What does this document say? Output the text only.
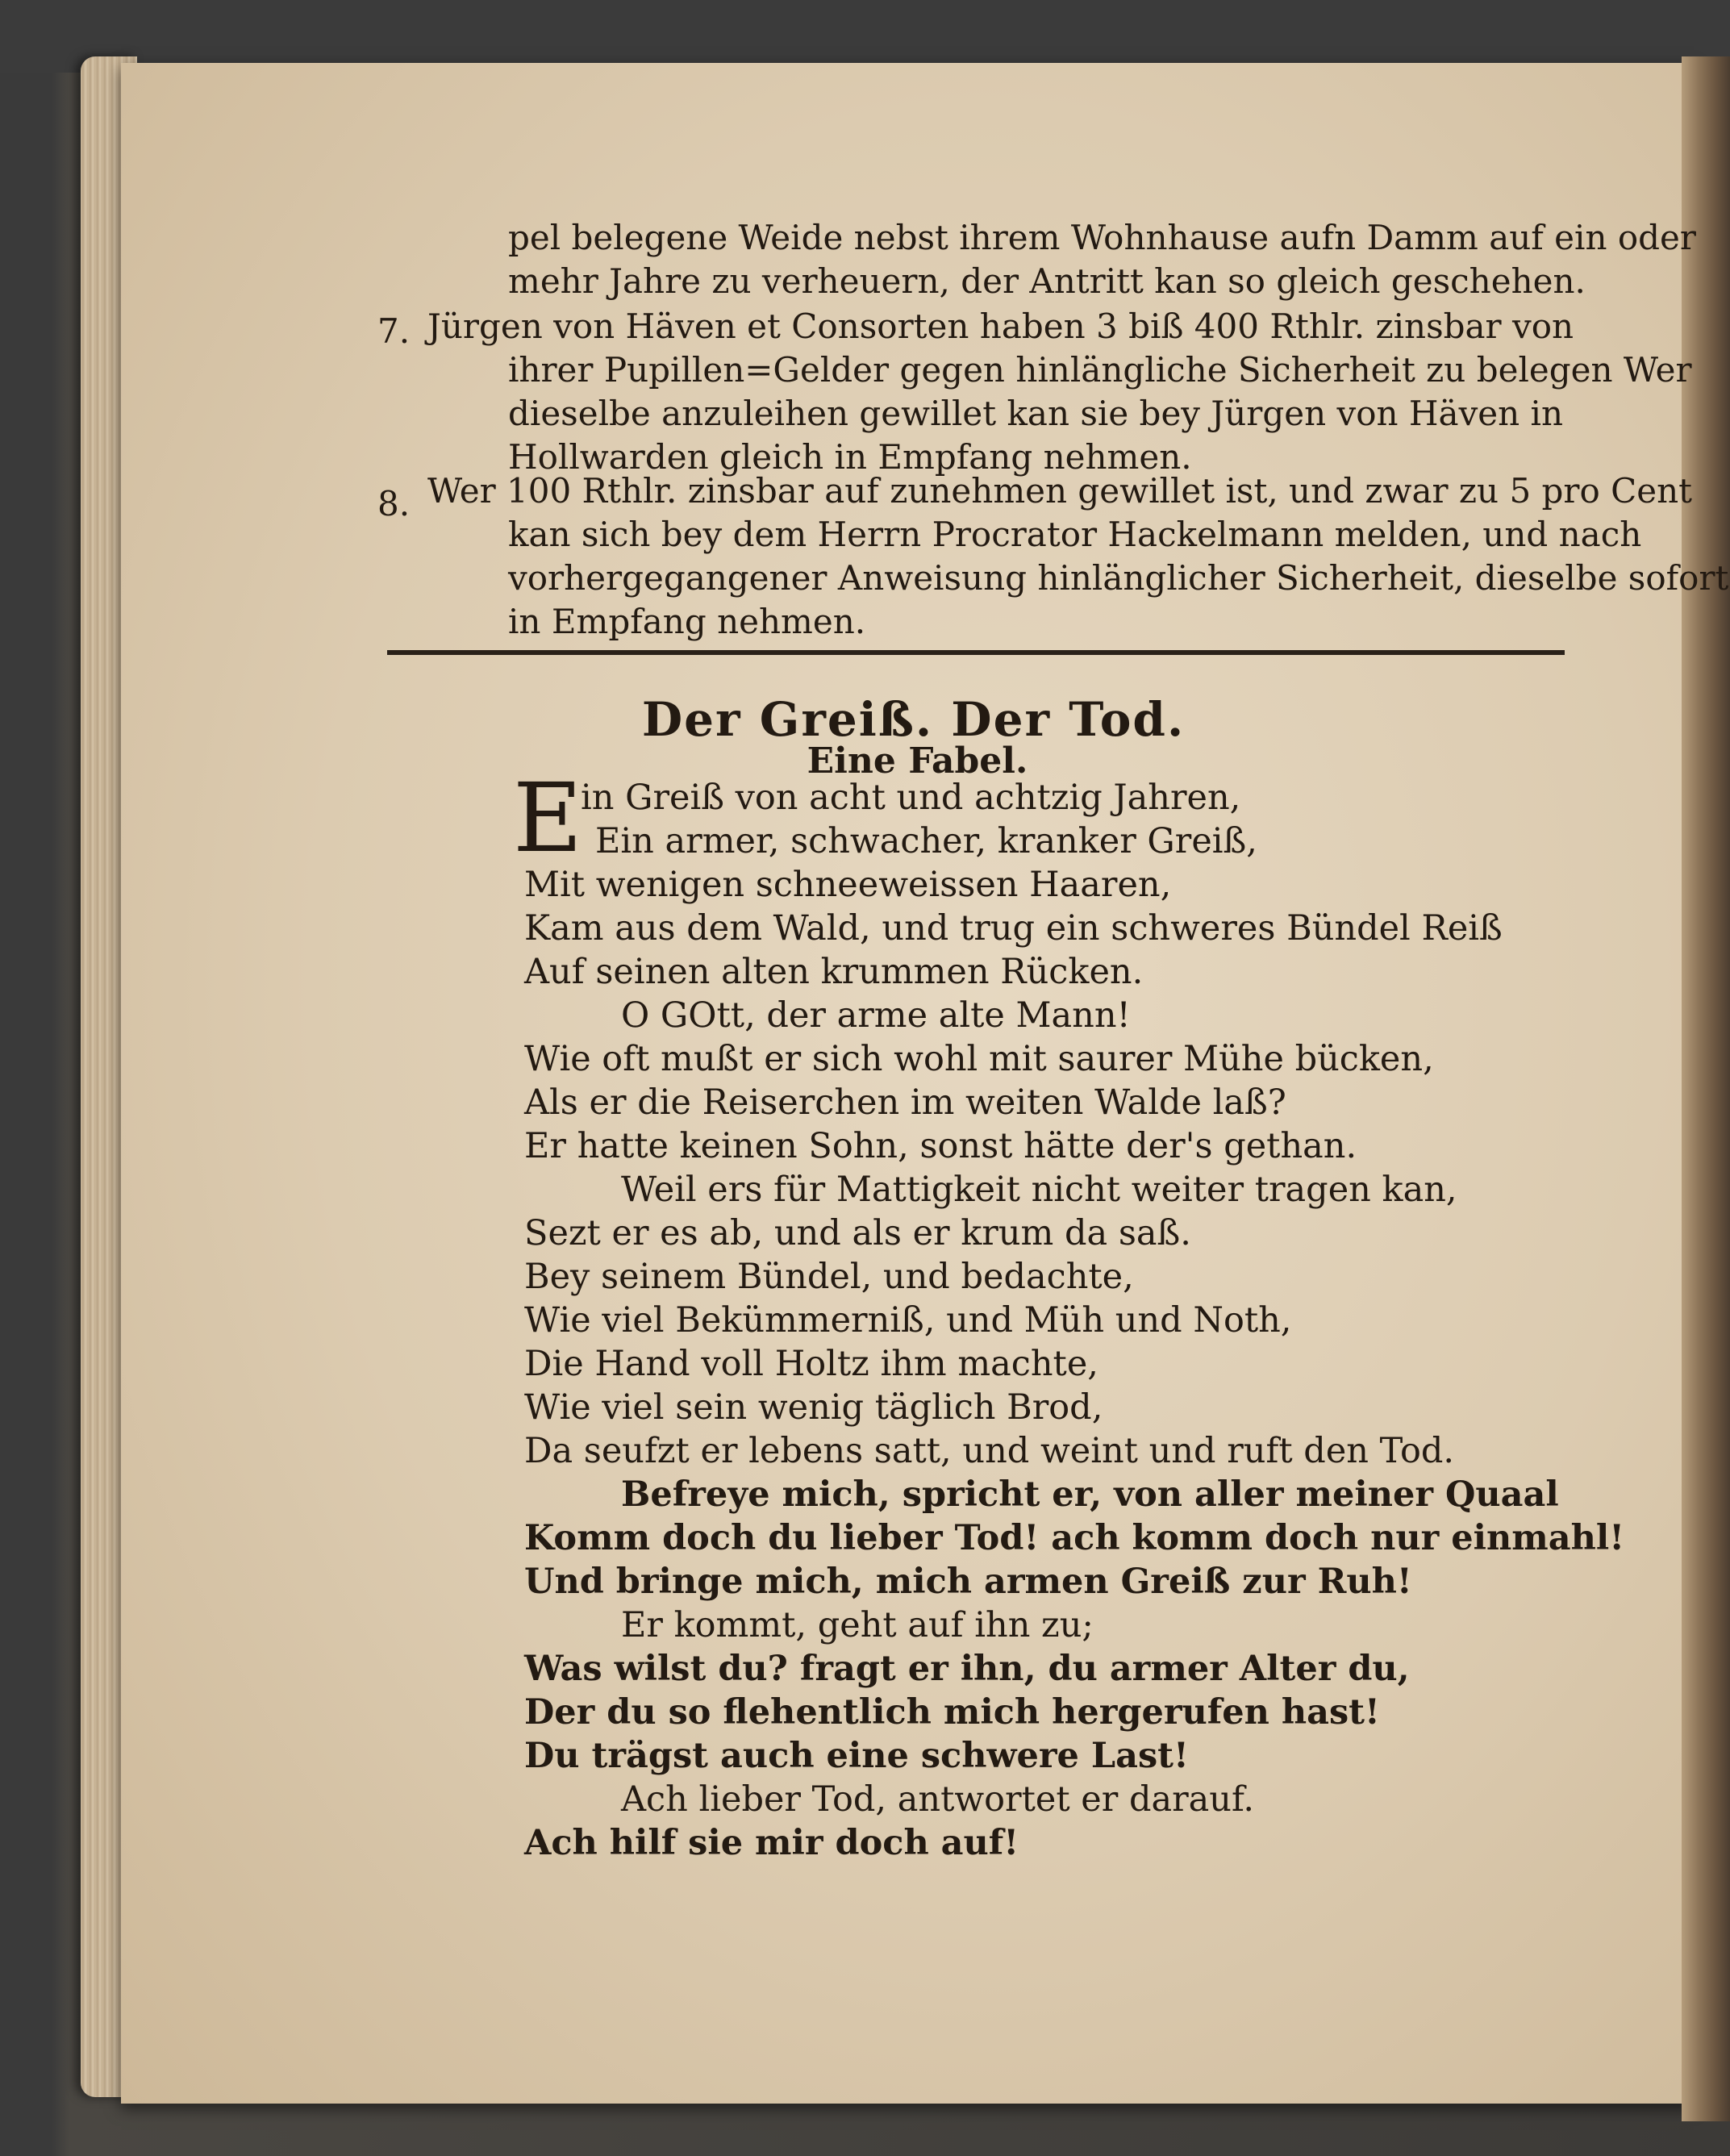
pel belegene Weide nebst ihrem Wohnhause aufn Damm auf ein oder
mehr Jahre zu verheuern, der Antritt kan so gleich geschehen.
7. Jürgen von Häven et Consorten haben 3 biß 400 Rthlr. zinsbar von
ihrer Pupillen=Gelder gegen hinlängliche Sicherheit zu belegen Wer
dieselbe anzuleihen gewillet kan sie bey Jürgen von Häven in
Hollwarden gleich in Empfang nehmen.
8. Wer 100 Rthlr. zinsbar auf zunehmen gewillet ist, und zwar zu 5 pro Cent
kan sich bey dem Herrn Procrator Hackelmann melden, und nach
vorhergegangener Anweisung hinlänglicher Sicherheit, dieselbe sofort
in Empfang nehmen.
Der Greiß. Der Tod.
Eine Fabel.
E
in Greiß von acht und achtzig Jahren,
Ein armer, schwacher, kranker Greiß,
Mit wenigen schneeweissen Haaren,
Kam aus dem Wald, und trug ein schweres Bündel Reiß
Auf seinen alten krummen Rücken.
O GOtt, der arme alte Mann!
Wie oft mußt er sich wohl mit saurer Mühe bücken,
Als er die Reiserchen im weiten Walde laß?
Er hatte keinen Sohn, sonst hätte der's gethan.
Weil ers für Mattigkeit nicht weiter tragen kan,
Sezt er es ab, und als er krum da saß.
Bey seinem Bündel, und bedachte,
Wie viel Bekümmerniß, und Müh und Noth,
Die Hand voll Holtz ihm machte,
Wie viel sein wenig täglich Brod,
Da seufzt er lebens satt, und weint und ruft den Tod.
Befreye mich, spricht er, von aller meiner Quaal
Komm doch du lieber Tod! ach komm doch nur einmahl!
Und bringe mich, mich armen Greiß zur Ruh!
Er kommt, geht auf ihn zu;
Was wilst du? fragt er ihn, du armer Alter du,
Der du so flehentlich mich hergerufen hast!
Du trägst auch eine schwere Last!
Ach lieber Tod, antwortet er darauf.
Ach hilf sie mir doch auf!
